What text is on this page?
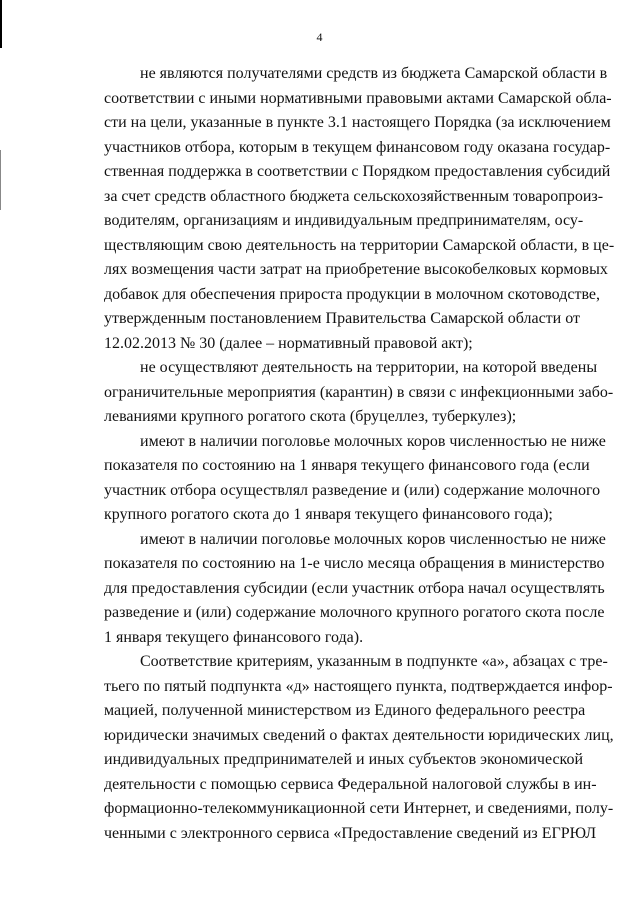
4
не являются получателями средств из бюджета Самарской области в
соответствии с иными нормативными правовыми актами Самарской обла-
сти на цели, указанные в пункте 3.1 настоящего Порядка (за исключением
участников отбора, которым в текущем финансовом году оказана государ-
ственная поддержка в соответствии с Порядком предоставления субсидий
за счет средств областного бюджета сельскохозяйственным товаропроиз-
водителям, организациям и индивидуальным предпринимателям, осу-
ществляющим свою деятельность на территории Самарской области, в це-
лях возмещения части затрат на приобретение высокобелковых кормовых
добавок для обеспечения прироста продукции в молочном скотоводстве,
утвержденным постановлением Правительства Самарской области от
12.02.2013 № 30 (далее – нормативный правовой акт);
не осуществляют деятельность на территории, на которой введены
ограничительные мероприятия (карантин) в связи с инфекционными забо-
леваниями крупного рогатого скота (бруцеллез, туберкулез);
имеют в наличии поголовье молочных коров численностью не ниже
показателя по состоянию на 1 января текущего финансового года (если
участник отбора осуществлял разведение и (или) содержание молочного
крупного рогатого скота до 1 января текущего финансового года);
имеют в наличии поголовье молочных коров численностью не ниже
показателя по состоянию на 1-е число месяца обращения в министерство
для предоставления субсидии (если участник отбора начал осуществлять
разведение и (или) содержание молочного крупного рогатого скота после
1 января текущего финансового года).
Соответствие критериям, указанным в подпункте «а», абзацах с тре-
тьего по пятый подпункта «д» настоящего пункта, подтверждается инфор-
мацией, полученной министерством из Единого федерального реестра
юридически значимых сведений о фактах деятельности юридических лиц,
индивидуальных предпринимателей и иных субъектов экономической
деятельности с помощью сервиса Федеральной налоговой службы в ин-
формационно-телекоммуникационной сети Интернет, и сведениями, полу-
ченными с электронного сервиса «Предоставление сведений из ЕГРЮЛ
